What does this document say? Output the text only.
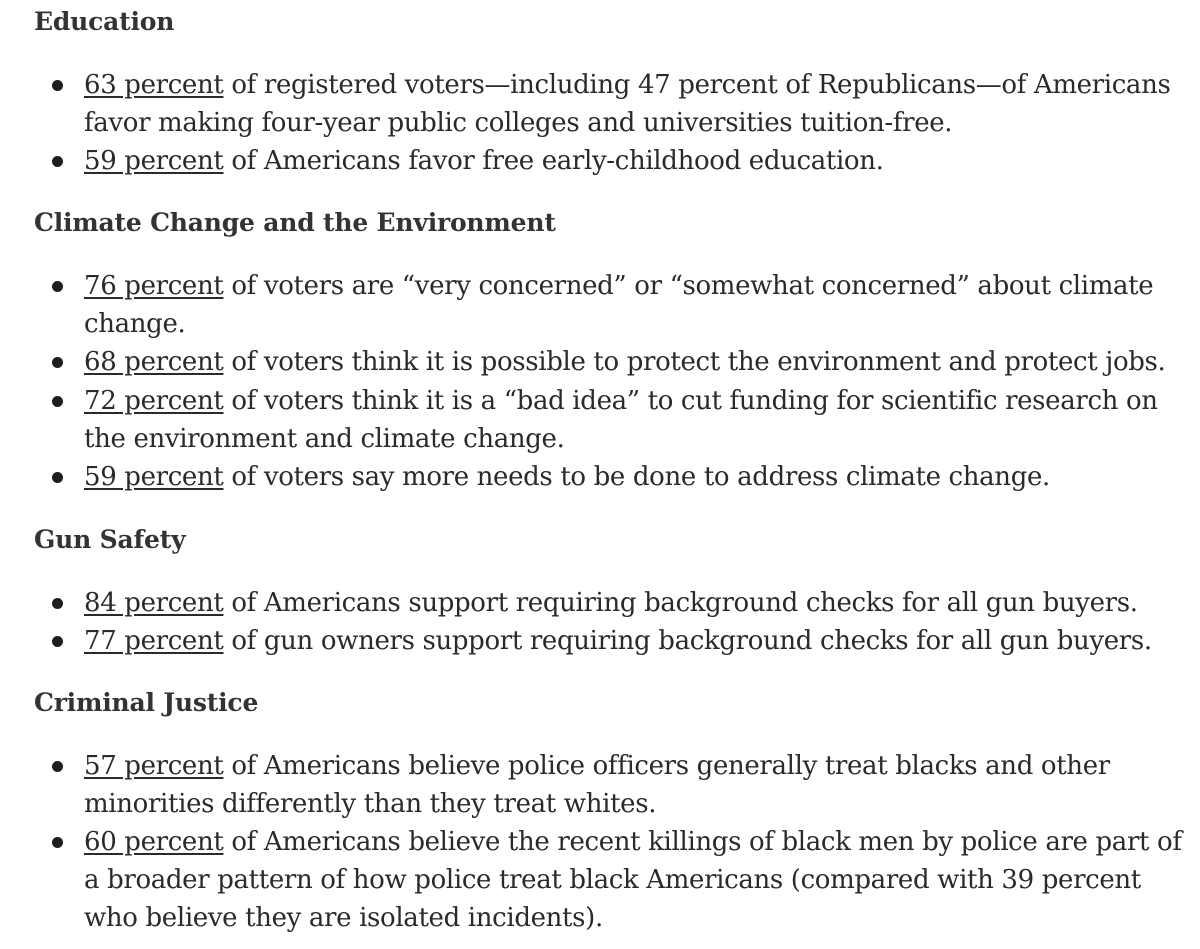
Education
63 percent of registered voters—including 47 percent of Republicans—of Americans favor making four-year public colleges and universities tuition-free.
59 percent of Americans favor free early-childhood education.
Climate Change and the Environment
76 percent of voters are “very concerned” or “somewhat concerned” about climate change.
68 percent of voters think it is possible to protect the environment and protect jobs.
72 percent of voters think it is a “bad idea” to cut funding for scientific research on the environment and climate change.
59 percent of voters say more needs to be done to address climate change.
Gun Safety
84 percent of Americans support requiring background checks for all gun buyers.
77 percent of gun owners support requiring background checks for all gun buyers.
Criminal Justice
57 percent of Americans believe police officers generally treat blacks and other minorities differently than they treat whites.
60 percent of Americans believe the recent killings of black men by police are part of a broader pattern of how police treat black Americans (compared with 39 percent who believe they are isolated incidents).
